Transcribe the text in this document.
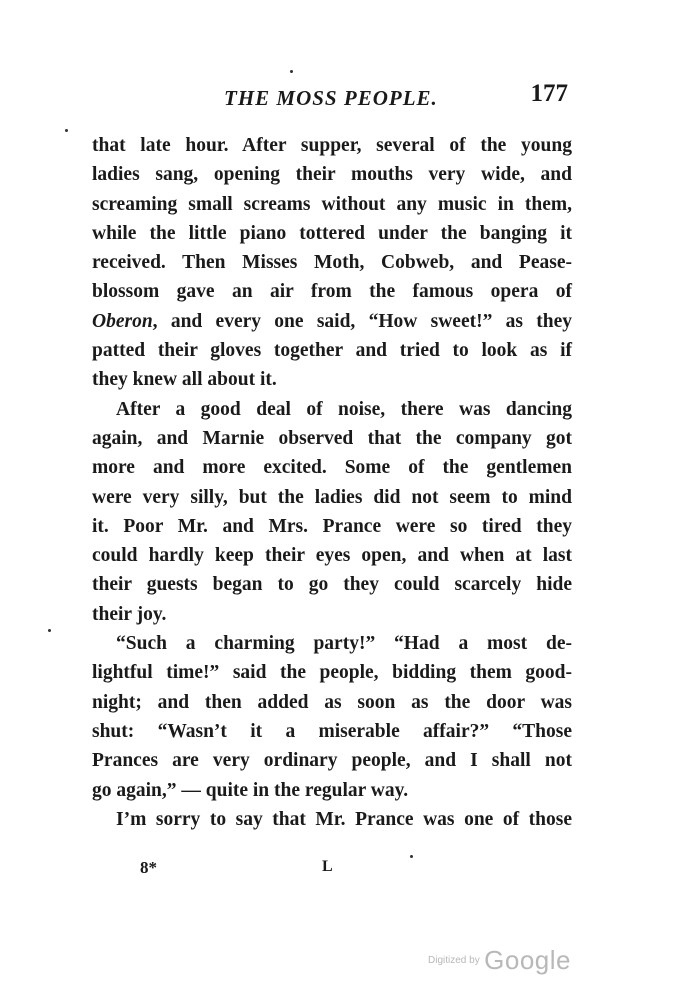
THE MOSS PEOPLE.	177
that late hour. After supper, several of the young
ladies sang, opening their mouths very wide, and
screaming small screams without any music in them,
while the little piano tottered under the banging it
received. Then Misses Moth, Cobweb, and Pease-
blossom gave an air from the famous opera of
Oberon, and every one said, “How sweet!” as they
patted their gloves together and tried to look as if
they knew all about it.
After a good deal of noise, there was dancing
again, and Marnie observed that the company got
more and more excited. Some of the gentlemen
were very silly, but the ladies did not seem to mind
it. Poor Mr. and Mrs. Prance were so tired they
could hardly keep their eyes open, and when at last
their guests began to go they could scarcely hide
their joy.
“Such a charming party!” “Had a most de-
lightful time!” said the people, bidding them good-
night; and then added as soon as the door was
shut: “Wasn’t it a miserable affair?” “Those
Prances are very ordinary people, and I shall not
go again,” — quite in the regular way.
I’m sorry to say that Mr. Prance was one of those
8*	L
Digitized by Google
